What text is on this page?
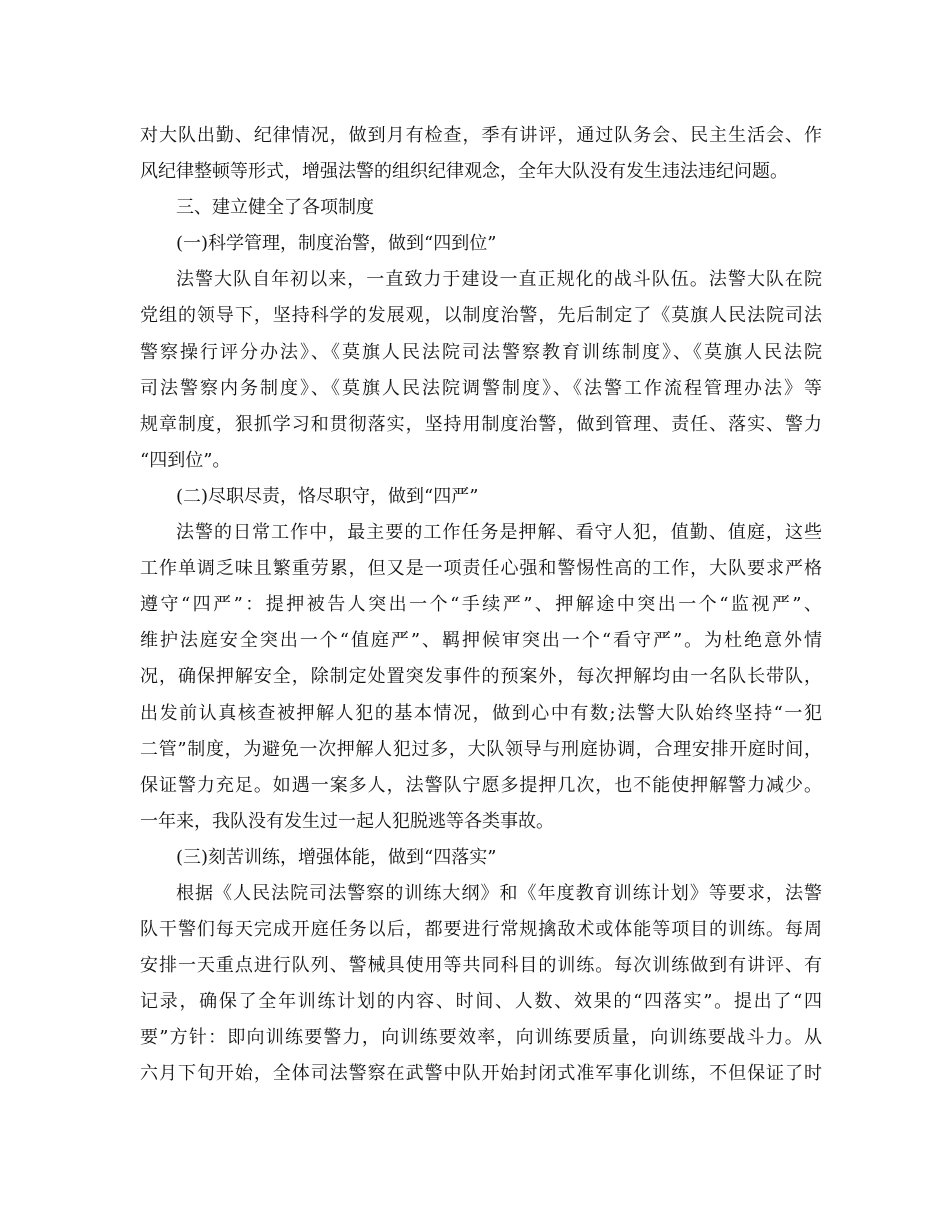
对大队出勤、纪律情况，做到月有检查，季有讲评，通过队务会、民主生活会、作
风纪律整顿等形式，增强法警的组织纪律观念，全年大队没有发生违法违纪问题。
三、建立健全了各项制度
(一)科学管理，制度治警，做到“四到位”
法警大队自年初以来，一直致力于建设一直正规化的战斗队伍。法警大队在院
党组的领导下，坚持科学的发展观，以制度治警，先后制定了《莫旗人民法院司法
警察操行评分办法》、《莫旗人民法院司法警察教育训练制度》、《莫旗人民法院
司法警察内务制度》、《莫旗人民法院调警制度》、《法警工作流程管理办法》等
规章制度，狠抓学习和贯彻落实，坚持用制度治警，做到管理、责任、落实、警力
“四到位”。
(二)尽职尽责，恪尽职守，做到“四严”
法警的日常工作中，最主要的工作任务是押解、看守人犯，值勤、值庭，这些
工作单调乏味且繁重劳累，但又是一项责任心强和警惕性高的工作，大队要求严格
遵守“四严”：提押被告人突出一个“手续严”、押解途中突出一个“监视严”、
维护法庭安全突出一个“值庭严”、羁押候审突出一个“看守严”。为杜绝意外情
况，确保押解安全，除制定处置突发事件的预案外，每次押解均由一名队长带队，
出发前认真核查被押解人犯的基本情况，做到心中有数;法警大队始终坚持“一犯
二管”制度，为避免一次押解人犯过多，大队领导与刑庭协调，合理安排开庭时间，
保证警力充足。如遇一案多人，法警队宁愿多提押几次，也不能使押解警力减少。
一年来，我队没有发生过一起人犯脱逃等各类事故。
(三)刻苦训练，增强体能，做到“四落实”
根据《人民法院司法警察的训练大纲》和《年度教育训练计划》等要求，法警
队干警们每天完成开庭任务以后，都要进行常规擒敌术或体能等项目的训练。每周
安排一天重点进行队列、警械具使用等共同科目的训练。每次训练做到有讲评、有
记录，确保了全年训练计划的内容、时间、人数、效果的“四落实”。提出了“四
要”方针：即向训练要警力，向训练要效率，向训练要质量，向训练要战斗力。从
六月下旬开始，全体司法警察在武警中队开始封闭式准军事化训练，不但保证了时
